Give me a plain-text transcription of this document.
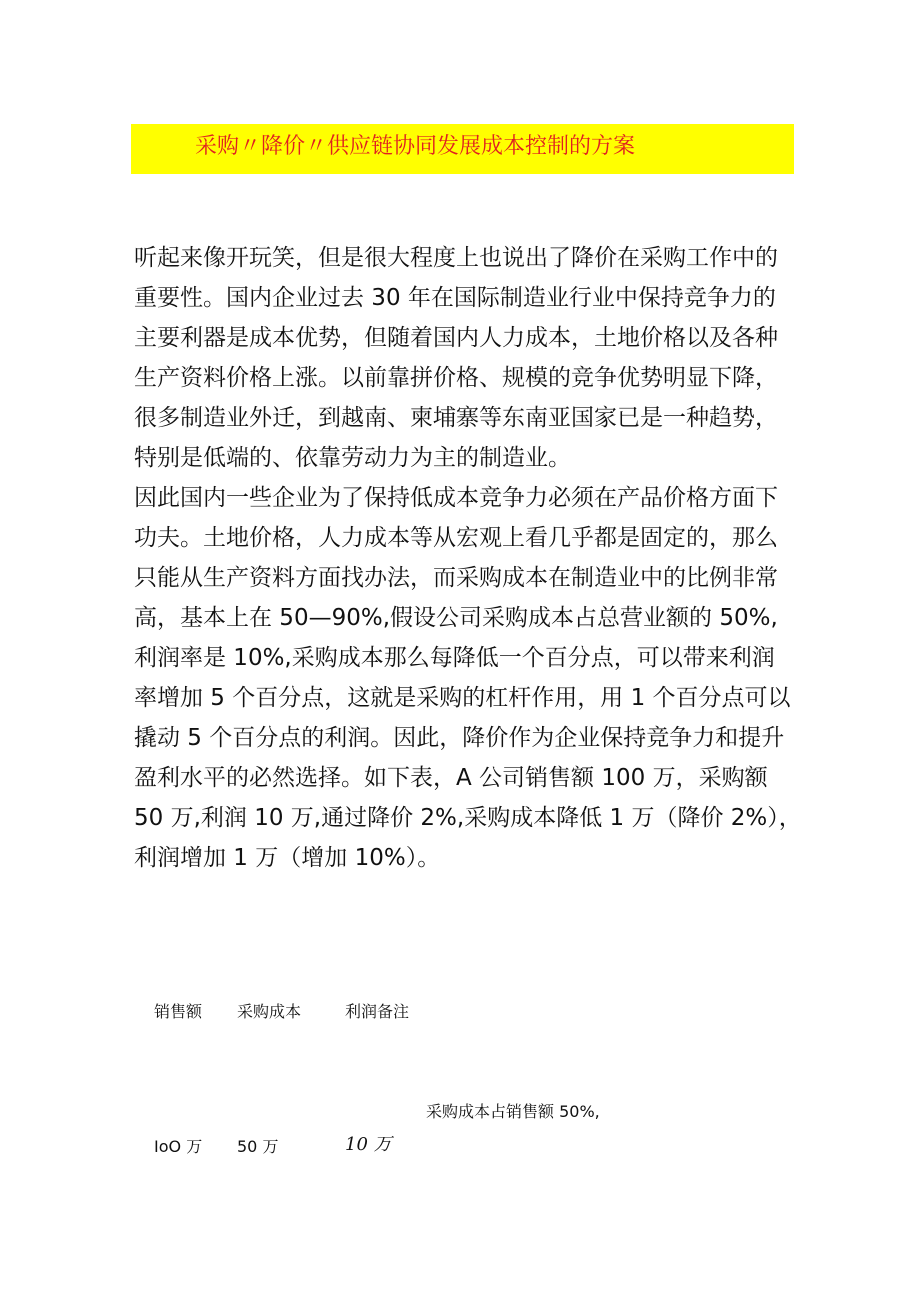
采购〃降价〃供应链协同发展成本控制的方案

听起来像开玩笑，但是很大程度上也说出了降价在采购工作中的
重要性。国内企业过去 30 年在国际制造业行业中保持竞争力的
主要利器是成本优势，但随着国内人力成本，土地价格以及各种
生产资料价格上涨。以前靠拼价格、规模的竞争优势明显下降，
很多制造业外迁，到越南、柬埔寨等东南亚国家已是一种趋势，
特别是低端的、依靠劳动力为主的制造业。

因此国内一些企业为了保持低成本竞争力必须在产品价格方面下
功夫。土地价格，人力成本等从宏观上看几乎都是固定的，那么
只能从生产资料方面找办法，而采购成本在制造业中的比例非常
高，基本上在 50—90%,假设公司采购成本占总营业额的 50%,
利润率是 10%,采购成本那么每降低一个百分点，可以带来利润
率增加 5 个百分点，这就是采购的杠杆作用，用 1 个百分点可以
撬动 5 个百分点的利润。因此，降价作为企业保持竞争力和提升
盈利水平的必然选择。如下表，A 公司销售额 100 万，采购额
50 万,利润 10 万,通过降价 2%,采购成本降低 1 万（降价 2%），
利润增加 1 万（增加 10%）。

销售额 采购成本	利润备注
采购成本占销售额 50%,
IoO 万 50 万	10 万
